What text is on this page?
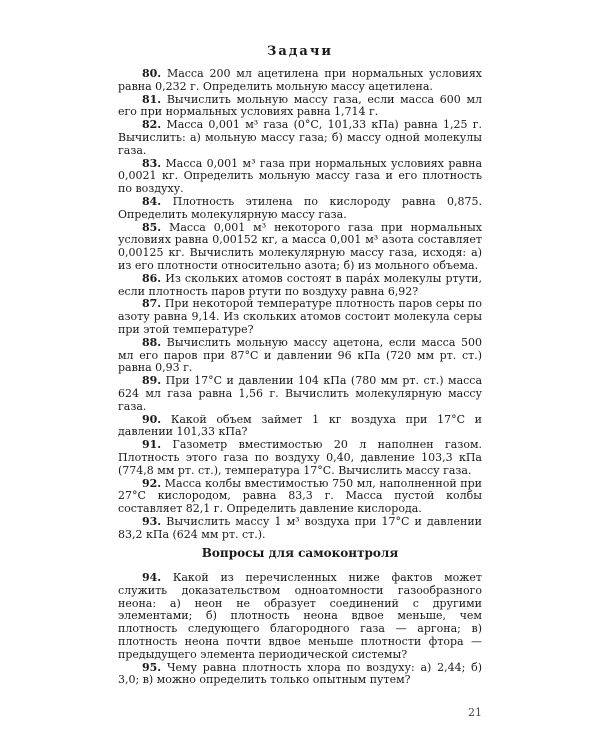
Задачи

80. Масса 200 мл ацетилена при нормальных условиях равна 0,232 г. Определить мольную массу ацетилена.

81. Вычислить мольную массу газа, если масса 600 мл его при нормальных условиях равна 1,714 г.

82. Масса 0,001 м³ газа (0°С, 101,33 кПа) равна 1,25 г. Вычислить: а) мольную массу газа; б) массу одной молекулы газа.

83. Масса 0,001 м³ газа при нормальных условиях равна 0,0021 кг. Определить мольную массу газа и его плотность по воздуху.

84. Плотность этилена по кислороду равна 0,875. Определить молекулярную массу газа.

85. Масса 0,001 м³ некоторого газа при нормальных условиях равна 0,00152 кг, а масса 0,001 м³ азота составляет 0,00125 кг. Вычислить молекулярную массу газа, исходя: а) из его плотности относительно азота; б) из мольного объема.

86. Из скольких атомов состоят в пара́х молекулы ртути, если плотность паров ртути по воздуху равна 6,92?

87. При некоторой температуре плотность паров серы по азоту равна 9,14. Из скольких атомов состоит молекула серы при этой температуре?

88. Вычислить мольную массу ацетона, если масса 500 мл его паров при 87°С и давлении 96 кПа (720 мм рт. ст.) равна 0,93 г.

89. При 17°С и давлении 104 кПа (780 мм рт. ст.) масса 624 мл газа равна 1,56 г. Вычислить молекулярную массу газа.

90. Какой объем займет 1 кг воздуха при 17°С и давлении 101,33 кПа?

91. Газометр вместимостью 20 л наполнен газом. Плотность этого газа по воздуху 0,40, давление 103,3 кПа (774,8 мм рт. ст.), температура 17°С. Вычислить массу газа.

92. Масса колбы вместимостью 750 мл, наполненной при 27°С кислородом, равна 83,3 г. Масса пустой колбы составляет 82,1 г. Определить давление кислорода.

93. Вычислить массу 1 м³ воздуха при 17°С и давлении 83,2 кПа (624 мм рт. ст.).

Вопросы для самоконтроля

94. Какой из перечисленных ниже фактов может служить доказательством одноатомности газообразного неона: а) неон не образует соединений с другими элементами; б) плотность неона вдвое меньше, чем плотность следующего благородного газа — аргона; в) плотность неона почти вдвое меньше плотности фтора — предыдущего элемента периодической системы?

95. Чему равна плотность хлора по воздуху: а) 2,44; б) 3,0; в) можно определить только опытным путем?

21
